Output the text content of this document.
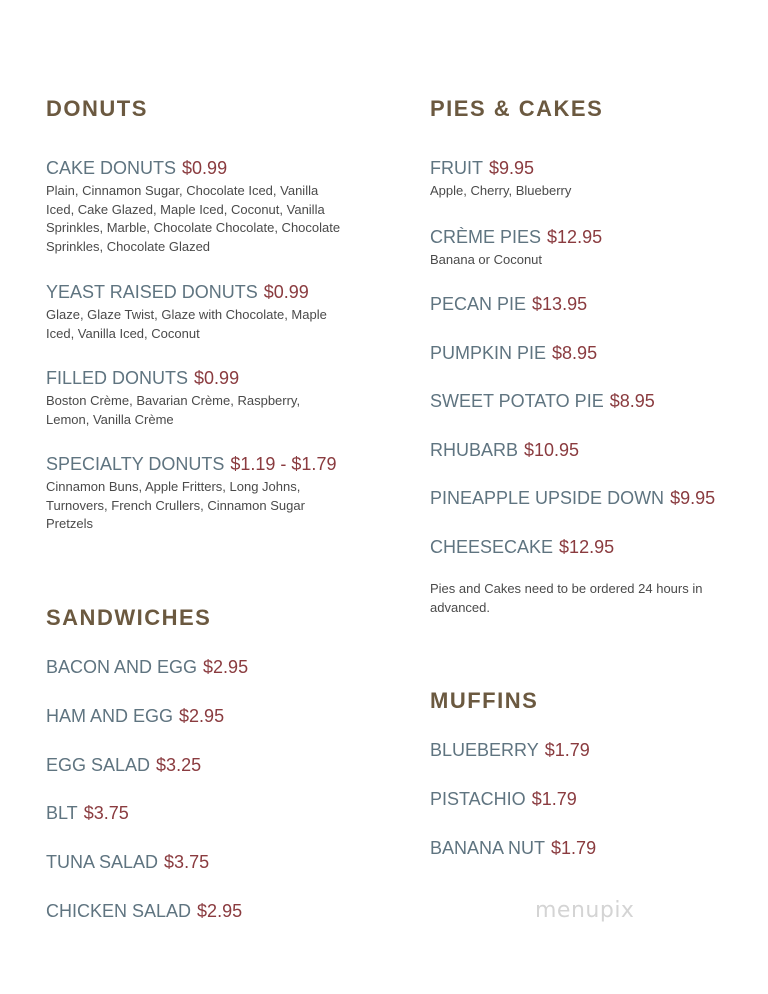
DONUTS
CAKE DONUTS $0.99
Plain, Cinnamon Sugar, Chocolate Iced, Vanilla Iced, Cake Glazed, Maple Iced, Coconut, Vanilla Sprinkles, Marble, Chocolate Chocolate, Chocolate Sprinkles, Chocolate Glazed
YEAST RAISED DONUTS $0.99
Glaze, Glaze Twist, Glaze with Chocolate, Maple Iced, Vanilla Iced, Coconut
FILLED DONUTS $0.99
Boston Crème, Bavarian Crème, Raspberry, Lemon, Vanilla Crème
SPECIALTY DONUTS $1.19 - $1.79
Cinnamon Buns, Apple Fritters, Long Johns, Turnovers, French Crullers, Cinnamon Sugar Pretzels
SANDWICHES
BACON AND EGG $2.95
HAM AND EGG $2.95
EGG SALAD $3.25
BLT $3.75
TUNA SALAD $3.75
CHICKEN SALAD $2.95
PIES & CAKES
FRUIT $9.95
Apple, Cherry, Blueberry
CRÈME PIES $12.95
Banana or Coconut
PECAN PIE $13.95
PUMPKIN PIE $8.95
SWEET POTATO PIE $8.95
RHUBARB $10.95
PINEAPPLE UPSIDE DOWN $9.95
CHEESECAKE $12.95
Pies and Cakes need to be ordered 24 hours in advanced.
MUFFINS
BLUEBERRY $1.79
PISTACHIO $1.79
BANANA NUT $1.79
menupix
